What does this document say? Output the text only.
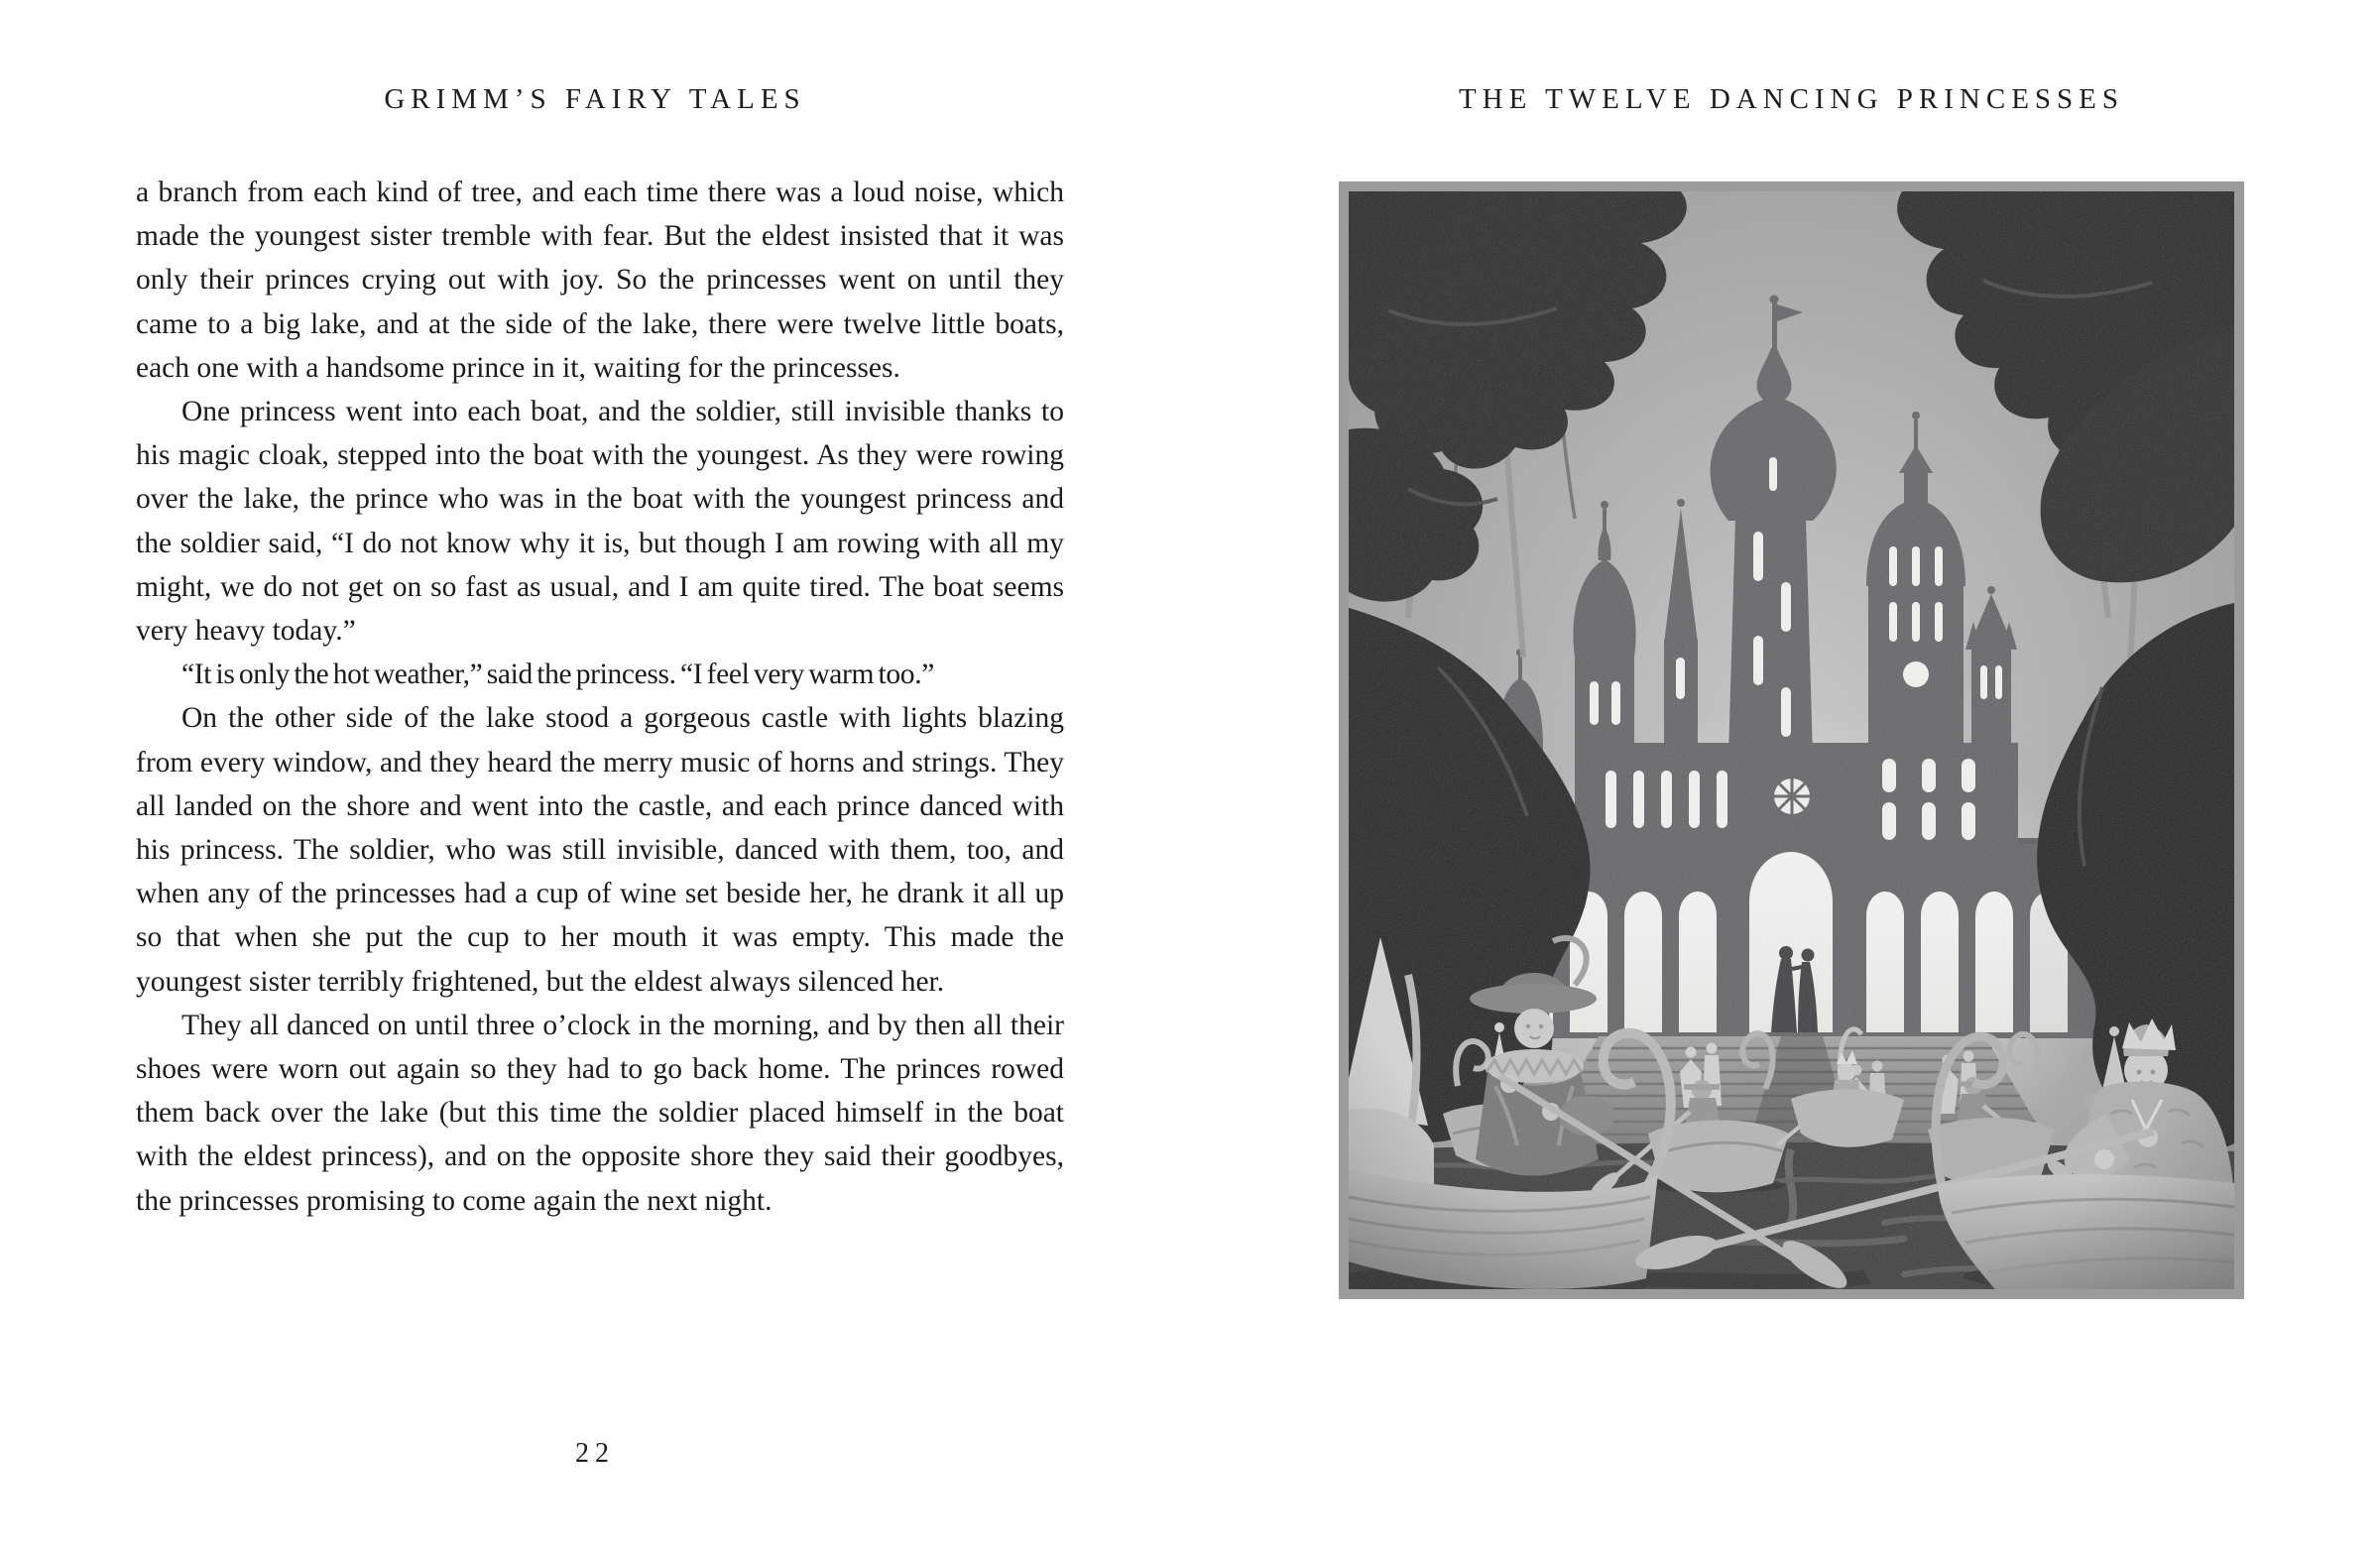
GRIMM’S FAIRY TALES	THE TWELVE DANCING PRINCESSES

a branch from each kind of tree, and each time there was a loud noise, which made the youngest sister tremble with fear. But the eldest insisted that it was only their princes crying out with joy. So the princesses went on until they came to a big lake, and at the side of the lake, there were twelve little boats, each one with a handsome prince in it, waiting for the princesses.

One princess went into each boat, and the soldier, still invisible thanks to his magic cloak, stepped into the boat with the youngest. As they were rowing over the lake, the prince who was in the boat with the youngest princess and the soldier said, “I do not know why it is, but though I am rowing with all my might, we do not get on so fast as usual, and I am quite tired. The boat seems very heavy today.”

“It is only the hot weather,” said the princess. “I feel very warm too.”

On the other side of the lake stood a gorgeous castle with lights blazing from every window, and they heard the merry music of horns and strings. They all landed on the shore and went into the castle, and each prince danced with his princess. The soldier, who was still invisible, danced with them, too, and when any of the princesses had a cup of wine set beside her, he drank it all up so that when she put the cup to her mouth it was empty. This made the youngest sister terribly frightened, but the eldest always silenced her.

They all danced on until three o’clock in the morning, and by then all their shoes were worn out again so they had to go back home. The princes rowed them back over the lake (but this time the soldier placed himself in the boat with the eldest princess), and on the opposite shore they said their goodbyes, the princesses promising to come again the next night.

22
